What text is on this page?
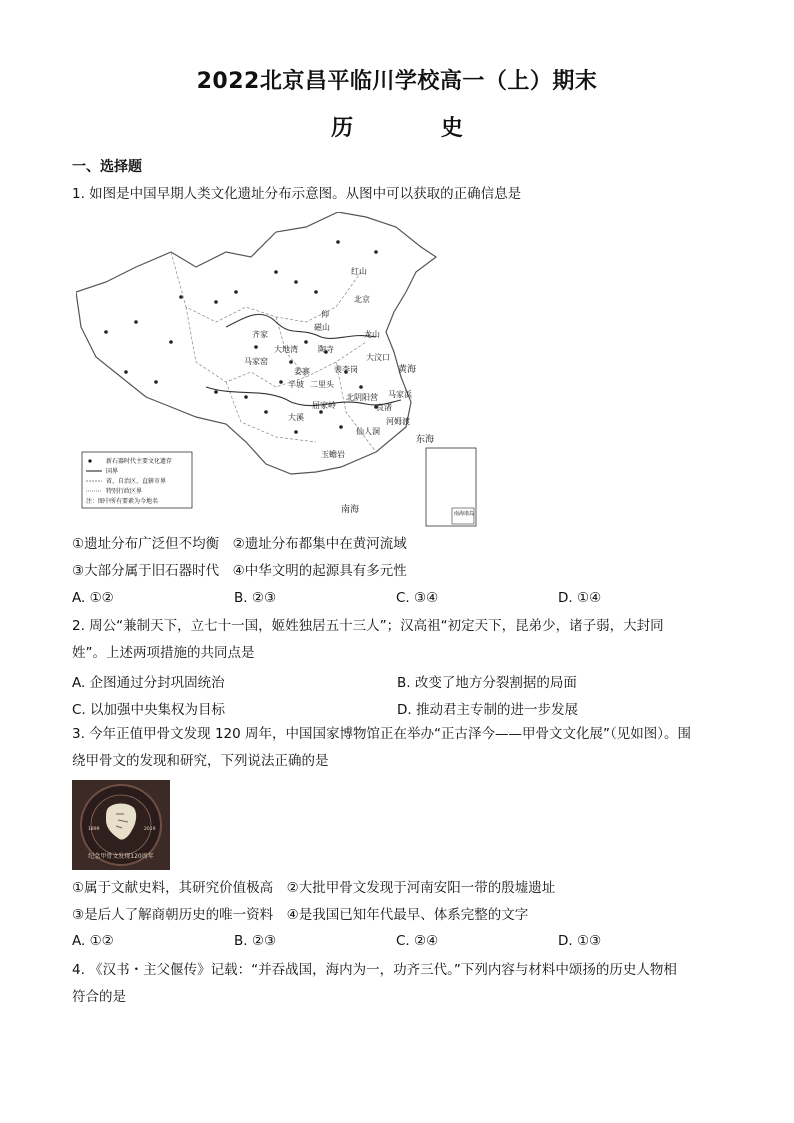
2022北京昌平临川学校高一（上）期末
历 史
一、选择题
1. 如图是中国早期人类文化遗址分布示意图。从图中可以获取的正确信息是
红山
北京
仰
磁山
齐家
大地湾
马家窑
姜寨
半坡
陶寺
二里头
裴李岗
大汶口
龙山
北阴阳营
良渚
河姆渡
马家浜
屈家岭
大溪
仙人洞
玉蟾岩
东海
南海
黄海
新石器时代主要文化遗存
国界
省、自治区、直辖市界
特别行政区界
注：图中所有要素为今地名
南海诸岛
①遗址分布广泛但不均衡　②遗址分布都集中在黄河流域
③大部分属于旧石器时代　④中华文明的起源具有多元性
A. ①②	B. ②③	C. ③④	D. ①④
2. 周公“兼制天下，立七十一国，姬姓独居五十三人”；汉高祖“初定天下，昆弟少，诸子弱，大封同
姓”。上述两项措施的共同点是
A. 企图通过分封巩固统治	B. 改变了地方分裂割据的局面
C. 以加强中央集权为目标	D. 推动君主专制的进一步发展
3. 今年正值甲骨文发现 120 周年，中国国家博物馆正在举办“正古泽今——甲骨文文化展”（见如图）。围
绕甲骨文的发现和研究，下列说法正确的是
1899	2019
纪念甲骨文发现120周年
①属于文献史料，其研究价值极高　②大批甲骨文发现于河南安阳一带的殷墟遗址
③是后人了解商朝历史的唯一资料　④是我国已知年代最早、体系完整的文字
A. ①②	B. ②③	C. ②④	D. ①③
4. 《汉书・主父偃传》记载：“并吞战国，海内为一，功齐三代。”下列内容与材料中颂扬的历史人物相
符合的是
